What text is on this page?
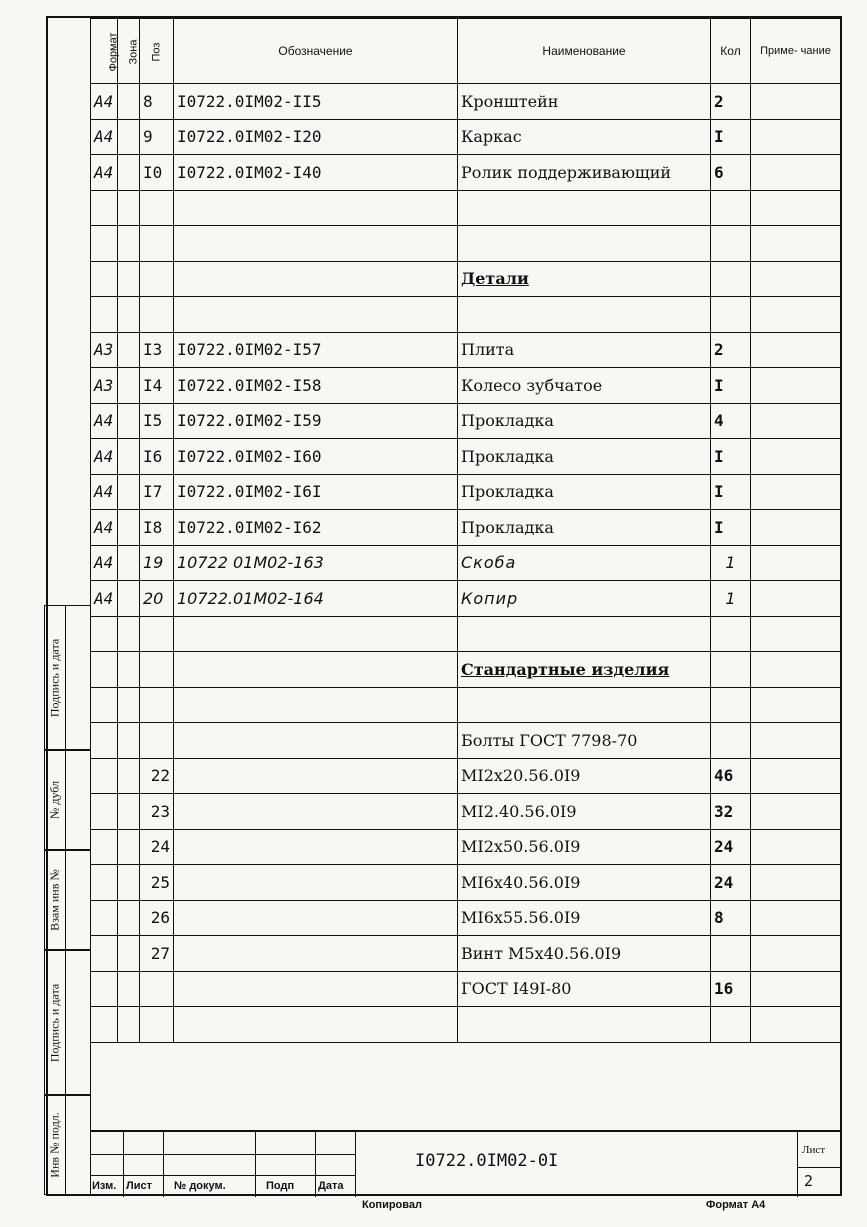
Формат	Зона	Поз	Обозначение	Наименование	Кол	Приме- чание
A4		8	I0722.0IM02-II5	Кронштейн	2	
A4		9	I0722.0IM02-I20	Каркас	I	
A4		I0	I0722.0IM02-I40	Ролик поддерживающий	6	

				Детали		

A3		I3	I0722.0IM02-I57	Плита	2	
A3		I4	I0722.0IM02-I58	Колесо зубчатое	I	
A4		I5	I0722.0IM02-I59	Прокладка	4	
A4		I6	I0722.0IM02-I60	Прокладка	I	
A4		I7	I0722.0IM02-I6I	Прокладка	I	
A4		I8	I0722.0IM02-I62	Прокладка	I	
A4		19	10722 01M02-163	Скоба	1	
A4		20	10722.01M02-164	Копир	1	

				Стандартные изделия		

				Болты ГОСТ 7798-70		
		22		MI2x20.56.0I9	46	
		23		MI2.40.56.0I9	32	
		24		MI2x50.56.0I9	24	
		25		MI6x40.56.0I9	24	
		26		MI6x55.56.0I9	8	
		27		Винт M5x40.56.0I9		
				ГОСТ I49I-80	16	

Подпись и дата
№ дубл
Взам инв №
Подпись и дата
Инв № подл.
Изм. Лист № докум.	Подп Дата
I0722.0IM02-0I
Лист
2
Копировал	Формат A4
